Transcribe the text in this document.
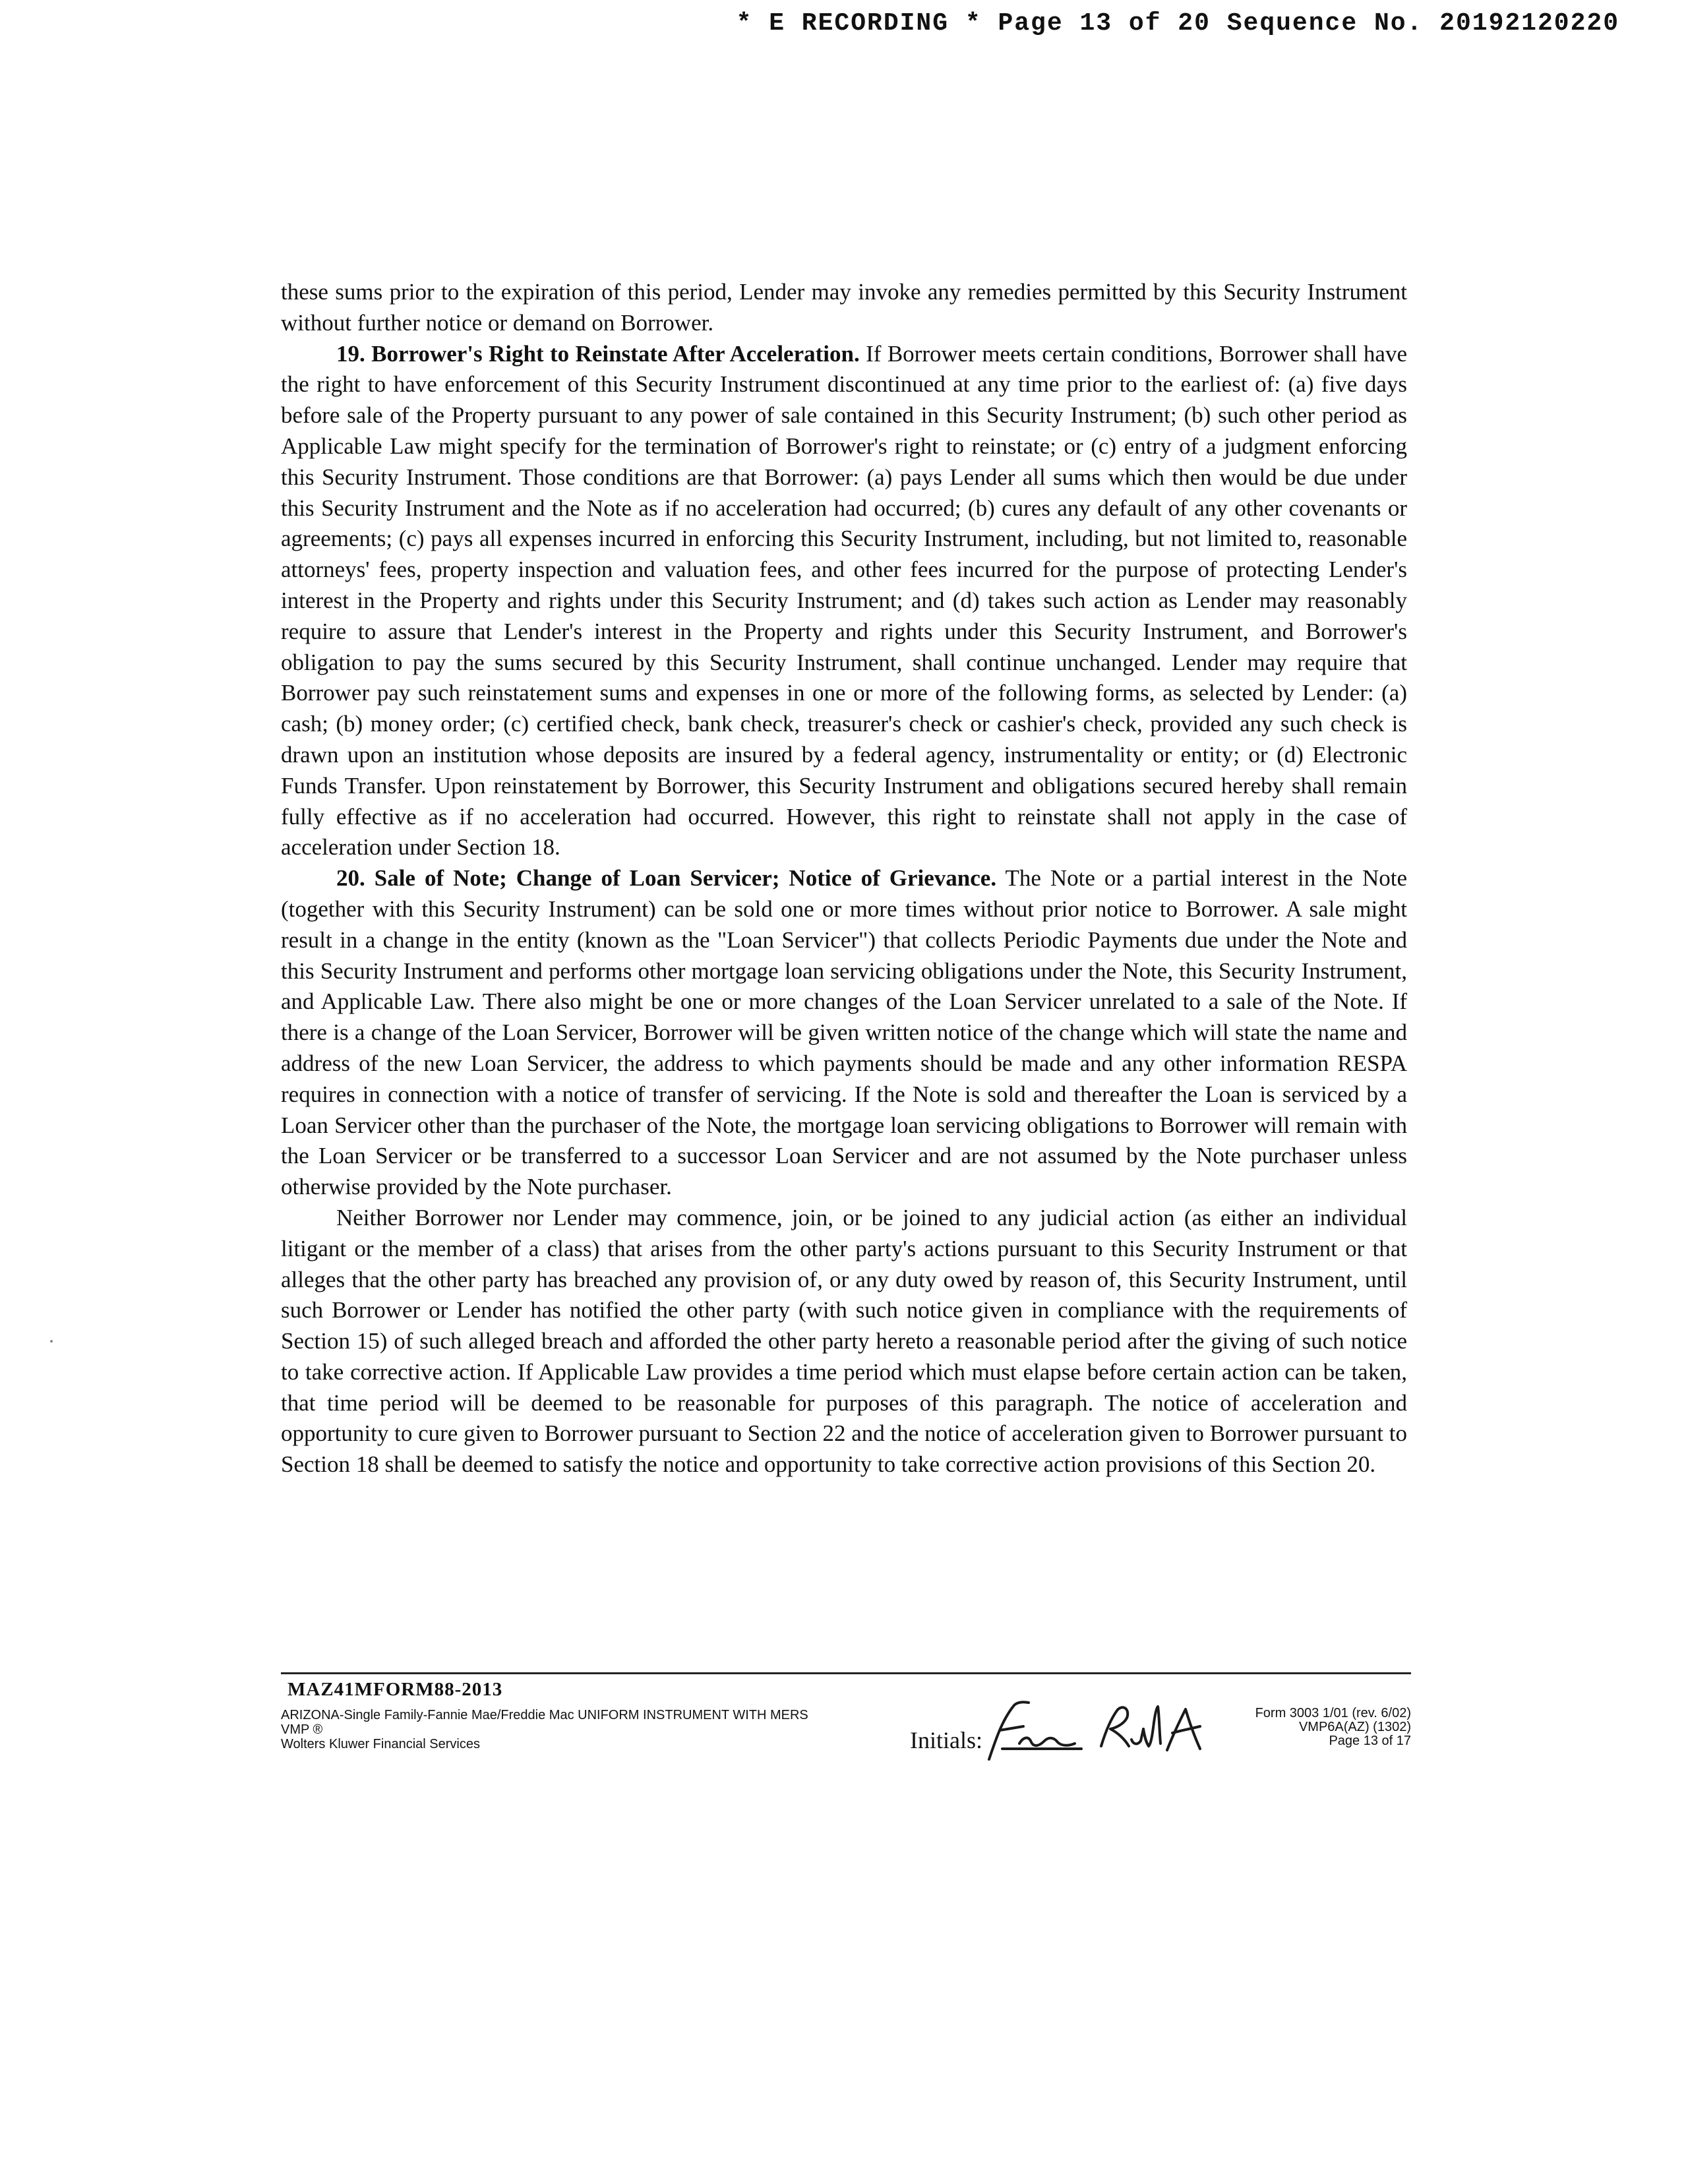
* E RECORDING * Page 13 of 20 Sequence No. 20192120220

these sums prior to the expiration of this period, Lender may invoke any remedies permitted by this Security Instrument without further notice or demand on Borrower.

19. Borrower's Right to Reinstate After Acceleration. If Borrower meets certain conditions, Borrower shall have the right to have enforcement of this Security Instrument discontinued at any time prior to the earliest of: (a) five days before sale of the Property pursuant to any power of sale contained in this Security Instrument; (b) such other period as Applicable Law might specify for the termination of Borrower's right to reinstate; or (c) entry of a judgment enforcing this Security Instrument. Those conditions are that Borrower: (a) pays Lender all sums which then would be due under this Security Instrument and the Note as if no acceleration had occurred; (b) cures any default of any other covenants or agreements; (c) pays all expenses incurred in enforcing this Security Instrument, including, but not limited to, reasonable attorneys' fees, property inspection and valuation fees, and other fees incurred for the purpose of protecting Lender's interest in the Property and rights under this Security Instrument; and (d) takes such action as Lender may reasonably require to assure that Lender's interest in the Property and rights under this Security Instrument, and Borrower's obligation to pay the sums secured by this Security Instrument, shall continue unchanged. Lender may require that Borrower pay such reinstatement sums and expenses in one or more of the following forms, as selected by Lender: (a) cash; (b) money order; (c) certified check, bank check, treasurer's check or cashier's check, provided any such check is drawn upon an institution whose deposits are insured by a federal agency, instrumentality or entity; or (d) Electronic Funds Transfer. Upon reinstatement by Borrower, this Security Instrument and obligations secured hereby shall remain fully effective as if no acceleration had occurred. However, this right to reinstate shall not apply in the case of acceleration under Section 18.

20. Sale of Note; Change of Loan Servicer; Notice of Grievance. The Note or a partial interest in the Note (together with this Security Instrument) can be sold one or more times without prior notice to Borrower. A sale might result in a change in the entity (known as the "Loan Servicer") that collects Periodic Payments due under the Note and this Security Instrument and performs other mortgage loan servicing obligations under the Note, this Security Instrument, and Applicable Law. There also might be one or more changes of the Loan Servicer unrelated to a sale of the Note. If there is a change of the Loan Servicer, Borrower will be given written notice of the change which will state the name and address of the new Loan Servicer, the address to which payments should be made and any other information RESPA requires in connection with a notice of transfer of servicing. If the Note is sold and thereafter the Loan is serviced by a Loan Servicer other than the purchaser of the Note, the mortgage loan servicing obligations to Borrower will remain with the Loan Servicer or be transferred to a successor Loan Servicer and are not assumed by the Note purchaser unless otherwise provided by the Note purchaser.

Neither Borrower nor Lender may commence, join, or be joined to any judicial action (as either an individual litigant or the member of a class) that arises from the other party's actions pursuant to this Security Instrument or that alleges that the other party has breached any provision of, or any duty owed by reason of, this Security Instrument, until such Borrower or Lender has notified the other party (with such notice given in compliance with the requirements of Section 15) of such alleged breach and afforded the other party hereto a reasonable period after the giving of such notice to take corrective action. If Applicable Law provides a time period which must elapse before certain action can be taken, that time period will be deemed to be reasonable for purposes of this paragraph. The notice of acceleration and opportunity to cure given to Borrower pursuant to Section 22 and the notice of acceleration given to Borrower pursuant to Section 18 shall be deemed to satisfy the notice and opportunity to take corrective action provisions of this Section 20.

MAZ41MFORM88-2013
ARIZONA-Single Family-Fannie Mae/Freddie Mac UNIFORM INSTRUMENT WITH MERS
VMP ®
Wolters Kluwer Financial Services	Initials:
Form 3003 1/01 (rev. 6/02)
VMP6A(AZ) (1302)
Page 13 of 17
